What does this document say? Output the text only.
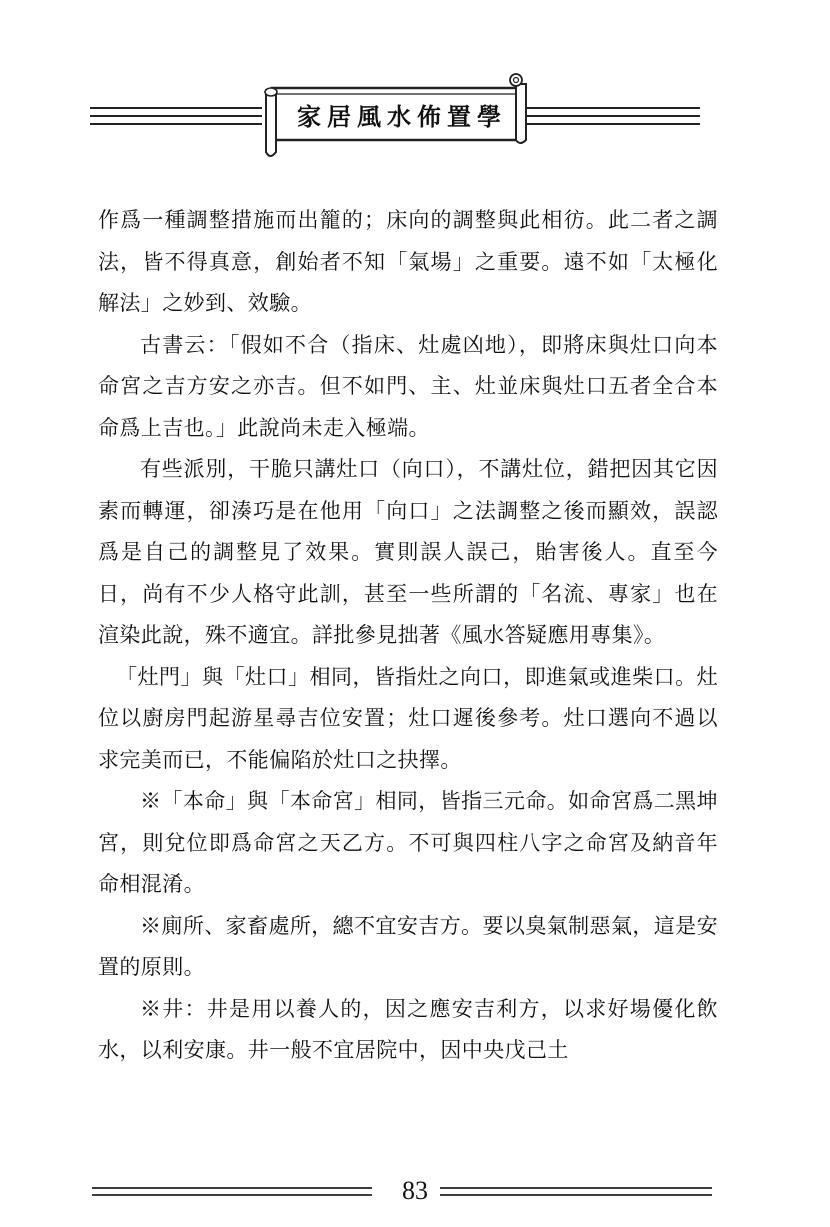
家居風水佈置學

作爲一種調整措施而出籠的；床向的調整與此相彷。此二者之調法，皆不得真意，創始者不知「氣場」之重要。遠不如「太極化解法」之妙到、效驗。

古書云：「假如不合（指床、灶處凶地），即將床與灶口向本命宮之吉方安之亦吉。但不如門、主、灶並床與灶口五者全合本命爲上吉也。」此說尚未走入極端。

有些派別，干脆只講灶口（向口），不講灶位，錯把因其它因素而轉運，卻湊巧是在他用「向口」之法調整之後而顯效，誤認爲是自己的調整見了效果。實則誤人誤己，貽害後人。直至今日，尚有不少人格守此訓，甚至一些所謂的「名流、專家」也在渲染此說，殊不適宜。詳批參見拙著《風水答疑應用專集》。

「灶門」與「灶口」相同，皆指灶之向口，即進氣或進柴口。灶位以廚房門起游星尋吉位安置；灶口遲後參考。灶口選向不過以求完美而已，不能偏陷於灶口之抉擇。

※「本命」與「本命宮」相同，皆指三元命。如命宮爲二黑坤宮，則兌位即爲命宮之天乙方。不可與四柱八字之命宮及納音年命相混淆。

※廁所、家畜處所，總不宜安吉方。要以臭氣制惡氣，這是安置的原則。

※井：井是用以養人的，因之應安吉利方，以求好場優化飲水，以利安康。井一般不宜居院中，因中央戊己土

83
